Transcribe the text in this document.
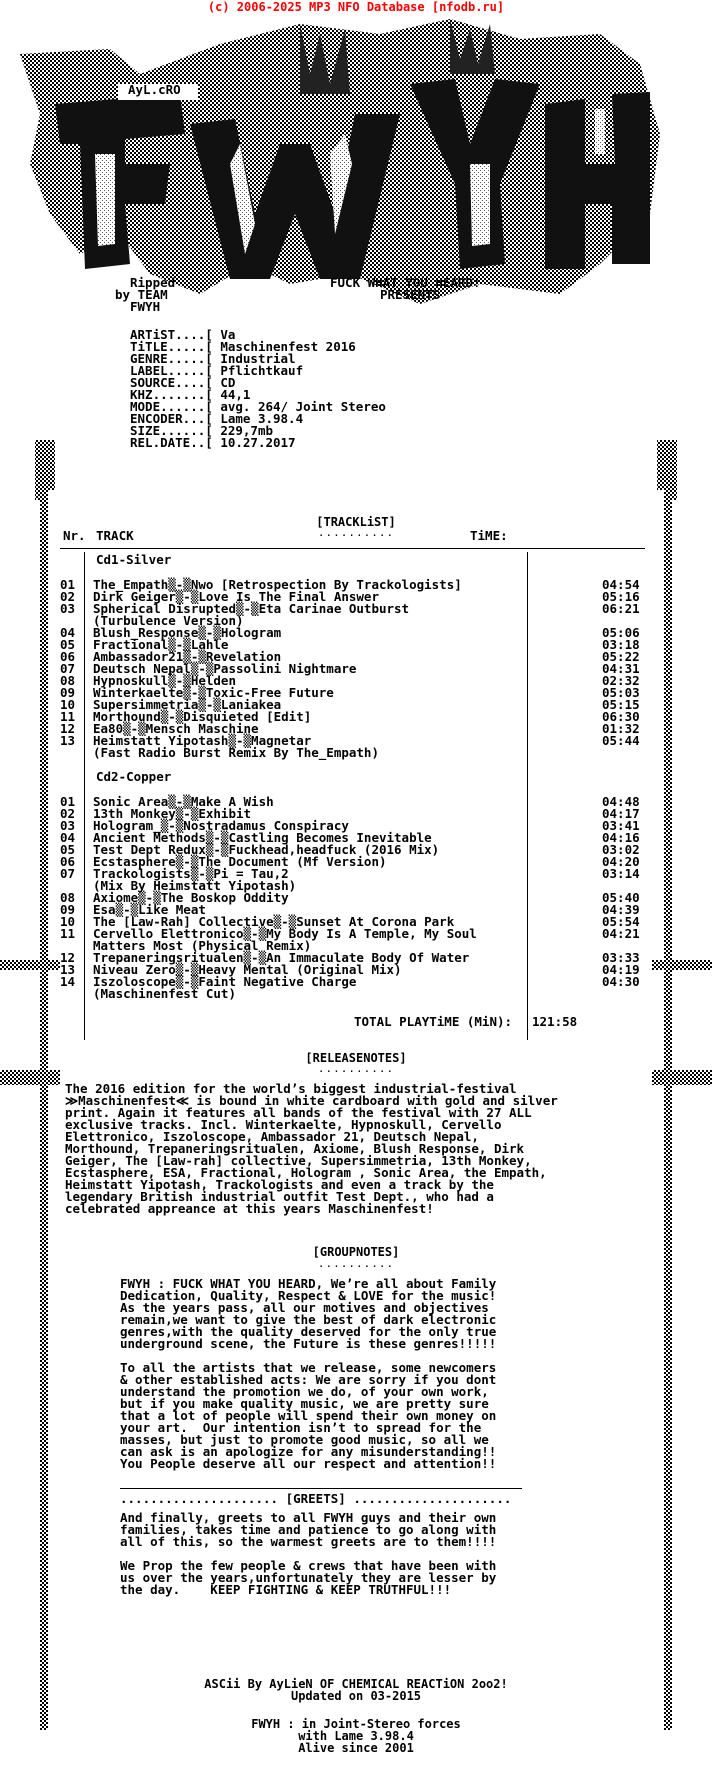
(c) 2006-2025 MP3 NFO Database [nfodb.ru]
AyL.cRO
Ripped
by TEAM
FWYH
FUCK WHAT YOU HEARD!
PRESENTS
ARTiST....[ Va
TiTLE.....[ Maschinenfest 2016
GENRE.....[ Industrial
LABEL.....[ Pflichtkauf
SOURCE....[ CD
KHZ.......[ 44,1
MODE......[ avg. 264/ Joint Stereo
ENCODER...[ Lame 3.98.4
SIZE......[ 229,7mb
REL.DATE..[ 10.27.2017
[TRACKLiST]
..........
Nr. TRACK	TiME:
Cd1-Silver
01 The_Empath▒-▒Nwo [Retrospection By Trackologists]	04:54
02 Dirk Geiger▒-▒Love Is The Final Answer	05:16
03 Spherical Disrupted▒-▒Eta Carinae Outburst	06:21
(Turbulence Version)
04 Blush_Response▒-▒Hologram	05:06
05 Fractional▒-▒Lahle	03:18
06 Ambassador21▒-▒Revelation	05:22
07 Deutsch Nepal▒-▒Passolini Nightmare	04:31
08 Hypnoskull▒-▒Helden	02:32
09 Winterkaelte▒-▒Toxic-Free Future	05:03
10 Supersimmetria▒-▒Laniakea	05:15
11 Morthound▒-▒Disquieted [Edit]	06:30
12 Ea80▒-▒Mensch Maschine	01:32
13 Heimstatt Yipotash▒-▒Magnetar	05:44
(Fast Radio Burst Remix By The_Empath)
Cd2-Copper
01 Sonic Area▒-▒Make A Wish	04:48
02 13th Monkey▒-▒Exhibit	04:17
03 Hologram_▒-▒Nostradamus Conspiracy	03:41
04 Ancient Methods▒-▒Castling Becomes Inevitable	04:16
05 Test Dept Redux▒-▒Fuckhead,headfuck (2016 Mix)	03:02
06 Ecstasphere▒-▒The Document (Mf Version)	04:20
07 Trackologists▒-▒Pi = Tau,2	03:14
(Mix By Heimstatt Yipotash)
08 Axiome▒-▒The Boskop Oddity	05:40
09 Esa▒-▒Like Meat	04:39
10 The [Law-Rah] Collective▒-▒Sunset At Corona Park	05:54
11 Cervello Elettronico▒-▒My Body Is A Temple, My Soul	04:21
Matters Most (Physical Remix)
12 Trepaneringsritualen▒-▒An Immaculate Body Of Water	03:33
13 Niveau Zero▒-▒Heavy Mental (Original Mix)	04:19
14 Iszoloscope▒-▒Faint Negative Charge	04:30
(Maschinenfest Cut)
TOTAL PLAYTiME (MiN): 121:58
[RELEASENOTES]
..........
The 2016 edition for the world’s biggest industrial-festival
≫Maschinenfest≪ is bound in white cardboard with gold and silver
print. Again it features all bands of the festival with 27 ALL
exclusive tracks. Incl. Winterkaelte, Hypnoskull, Cervello
Elettronico, Iszoloscope, Ambassador 21, Deutsch Nepal,
Morthound, Trepaneringsritualen, Axiome, Blush Response, Dirk
Geiger, The [Law-rah] collective, Supersimmetria, 13th Monkey,
Ecstasphere, ESA, Fractional, Hologram , Sonic Area, the Empath,
Heimstatt Yipotash, Trackologists and even a track by the
legendary British industrial outfit Test Dept., who had a
celebrated appreance at this years Maschinenfest!
[GROUPNOTES]
..........
FWYH : FUCK WHAT YOU HEARD, We’re all about Family
Dedication, Quality, Respect & LOVE for the music!
As the years pass, all our motives and objectives
remain,we want to give the best of dark electronic
genres,with the quality deserved for the only true
underground scene, the Future is these genres!!!!!
To all the artists that we release, some newcomers
& other established acts: We are sorry if you dont
understand the promotion we do, of your own work,
but if you make quality music, we are pretty sure
that a lot of people will spend their own money on
your art.  Our intention isn’t to spread for the
masses, but just to promote good music, so all we
can ask is an apologize for any misunderstanding!!
You People deserve all our respect and attention!!
..................... [GREETS] .....................
And finally, greets to all FWYH guys and their own
families, takes time and patience to go along with
all of this, so the warmest greets are to them!!!!
We Prop the few people & crews that have been with
us over the years,unfortunately they are lesser by
the day.    KEEP FIGHTING & KEEP TRUTHFUL!!!
ASCii By AyLieN OF CHEMICAL REACTiON 2oo2!
Updated on 03-2015
FWYH : in Joint-Stereo forces
with Lame 3.98.4
Alive since 2001
